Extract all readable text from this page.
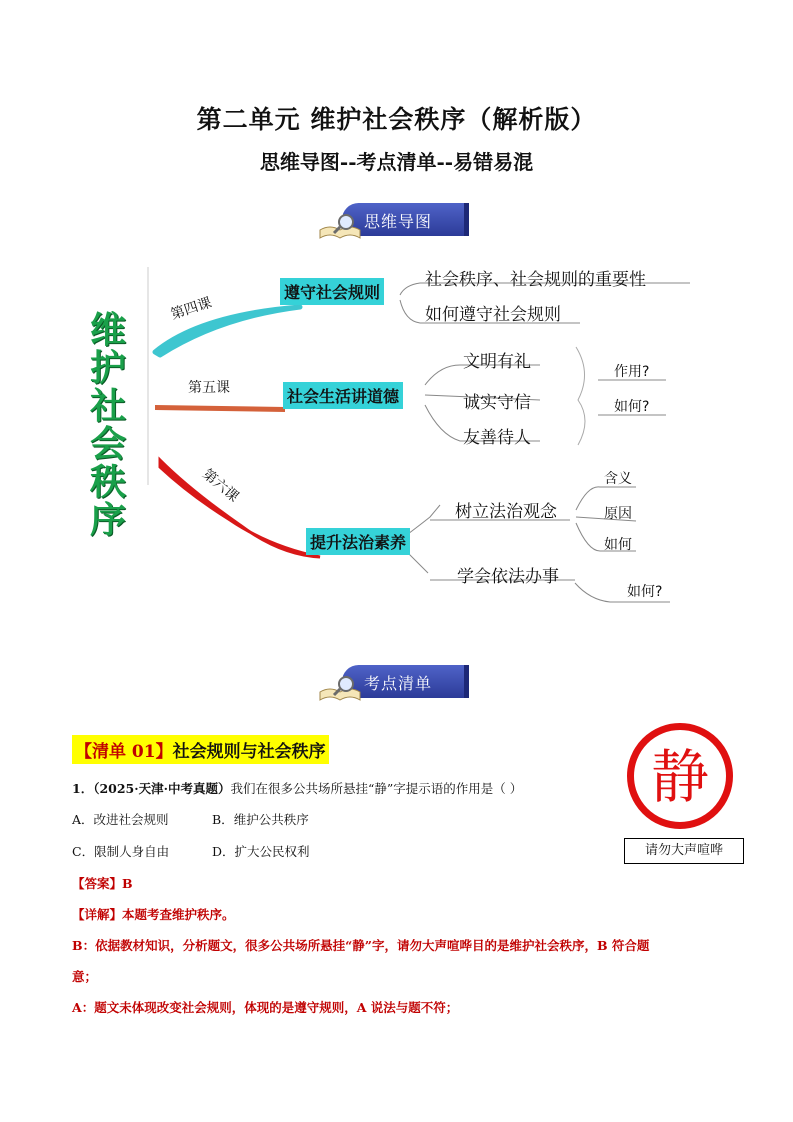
第二单元 维护社会秩序（解析版）
思维导图--考点清单--易错易混
思维导图
维
护
社
会
秩
序
第四课
第五课
第六课
遵守社会规则
社会生活讲道德
提升法治素养
社会秩序、社会规则的重要性
如何遵守社会规则
文明有礼
诚实守信
友善待人
作用?
如何?
树立法治观念
含义
原因
如何
学会依法办事
如何?
考点清单
【清单 01】社会规则与社会秩序
1．（2025·天津·中考真题）我们在很多公共场所悬挂“静”字提示语的作用是（ ）
A．改进社会规则	B．维护公共秩序
C．限制人身自由	D．扩大公民权利
【答案】B
【详解】本题考查维护秩序。
B：依据教材知识，分析题文，很多公共场所悬挂“静”字，请勿大声喧哗目的是维护社会秩序，B 符合题
意；
A：题文未体现改变社会规则，体现的是遵守规则，A 说法与题不符；
静
请勿大声喧哗
